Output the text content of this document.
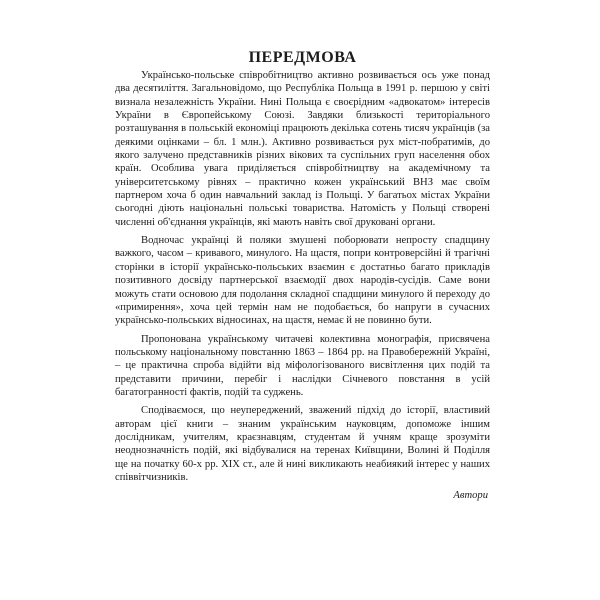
ПЕРЕДМОВА

Українсько-польське співробітництво активно розвивається ось уже понад два десятиліття. Загальновідомо, що Республіка Польща в 1991 р. першою у світі визнала незалежність України. Нині Польща є своєрідним «адвокатом» інтересів України в Європейському Союзі. Завдяки близькості територіального розташування в польській економіці працюють декілька сотень тисяч українців (за деякими оцінками – бл. 1 млн.). Активно розвивається рух міст-побратимів, до якого залучено представників різних вікових та суспільних груп населення обох країн. Особлива увага приділяється співробітництву на академічному та університетському рівнях – практично кожен український ВНЗ має своїм партнером хоча б один навчальний заклад із Польщі. У багатьох містах України сьогодні діють національні польські товариства. Натомість у Польщі створені численні об'єднання українців, які мають навіть свої друковані органи.

Водночас українці й поляки змушені поборювати непросту спадщину важкого, часом – кривавого, минулого. На щастя, попри контроверсійні й трагічні сторінки в історії українсько-польських взаємин є достатньо багато прикладів позитивного досвіду партнерської взаємодії двох народів-сусідів. Саме вони можуть стати основою для подолання складної спадщини минулого й переходу до «примирення», хоча цей термін нам не подобається, бо напруги в сучасних українсько-польських відносинах, на щастя, немає й не повинно бути.

Пропонована українському читачеві колективна монографія, присвячена польському національному повстанню 1863 – 1864 рр. на Правобережній Україні, – це практична спроба відійти від міфологізованого висвітлення цих подій та представити причини, перебіг і наслідки Січневого повстання в усій багатогранності фактів, подій та суджень.

Сподіваємося, що неупереджений, зважений підхід до історії, властивий авторам цієї книги – знаним українським науковцям, допоможе іншим дослідникам, учителям, краєзнавцям, студентам й учням краще зрозуміти неоднозначність подій, які відбувалися на теренах Київщини, Волині й Поділля ще на початку 60-х рр. XIX ст., але й нині викликають неабиякий інтерес у наших співвітчизників.

Автори
